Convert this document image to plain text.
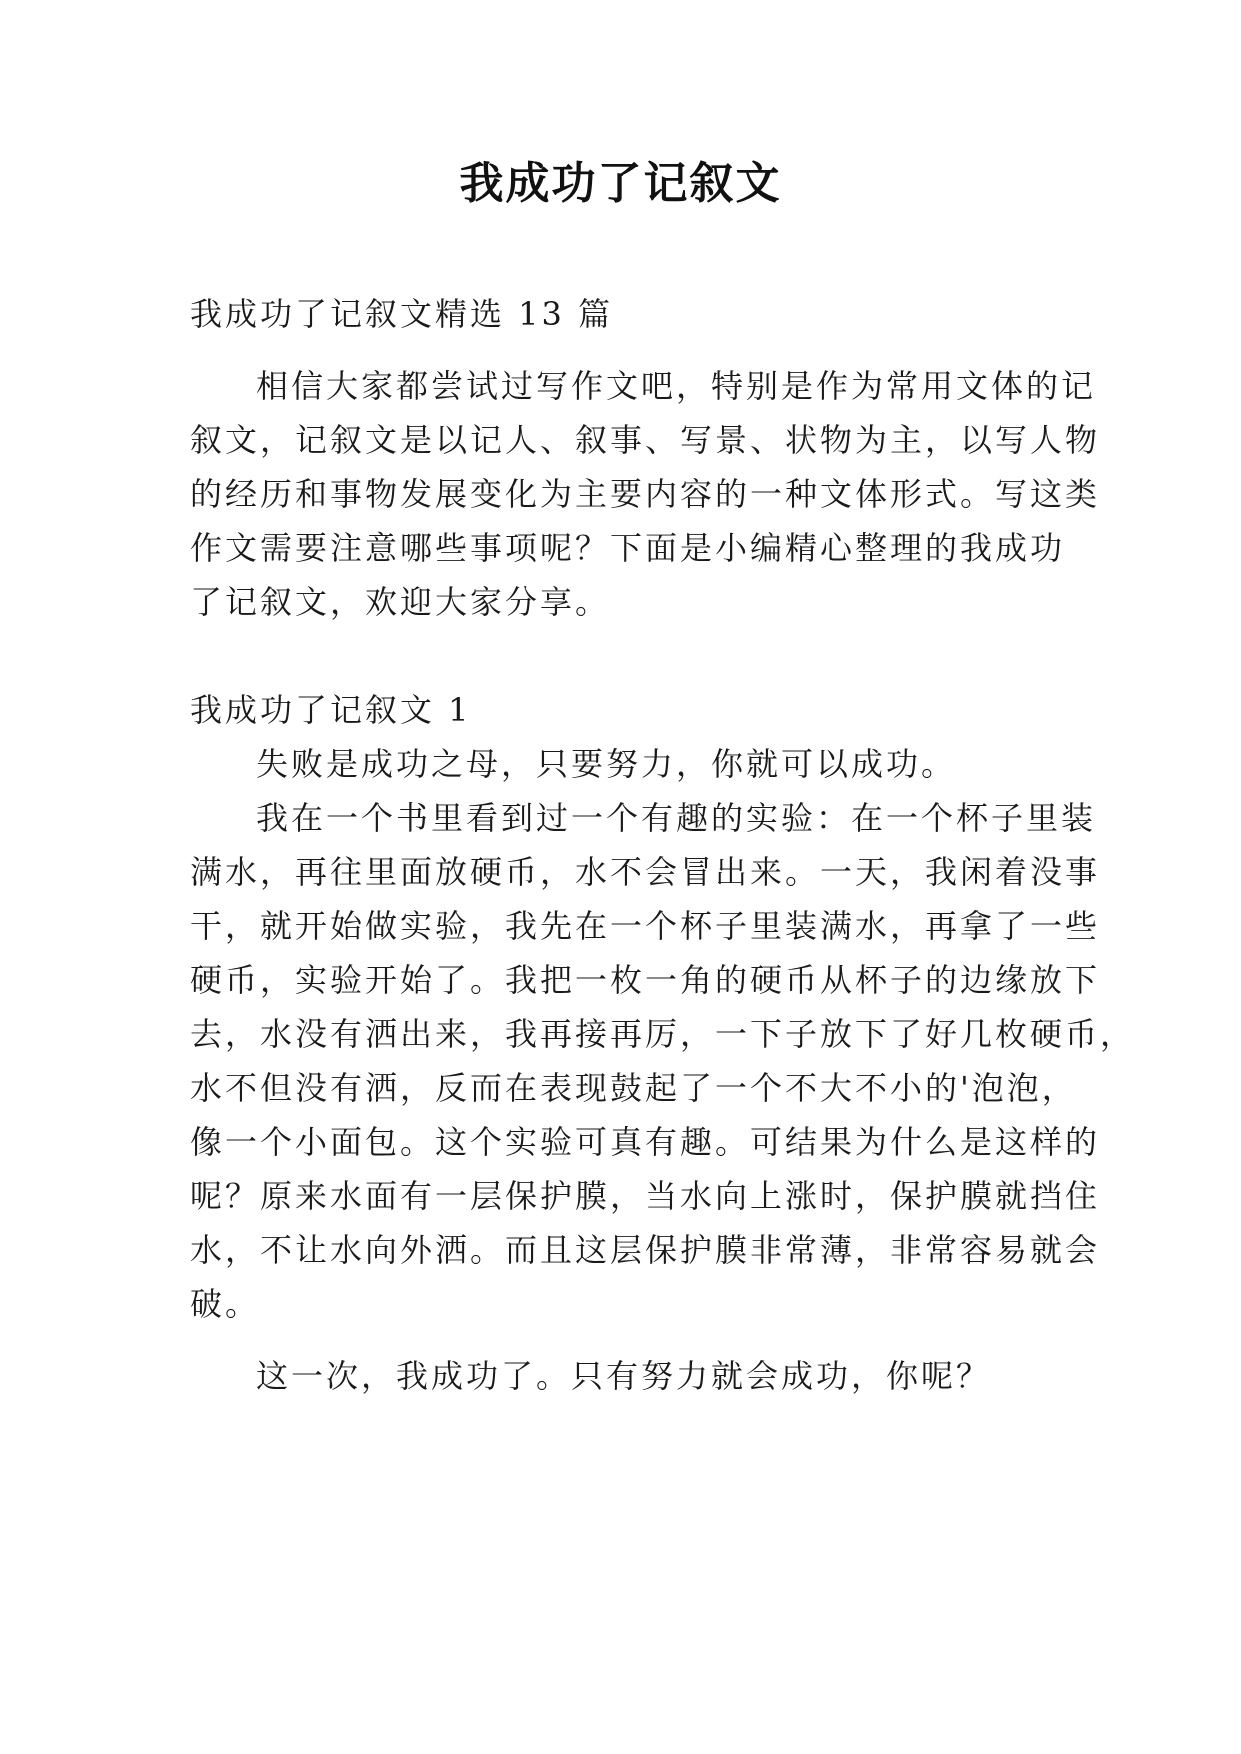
我成功了记叙文
我成功了记叙文精选 13 篇
相信大家都尝试过写作文吧，特别是作为常用文体的记
叙文，记叙文是以记人、叙事、写景、状物为主，以写人物
的经历和事物发展变化为主要内容的一种文体形式。写这类
作文需要注意哪些事项呢？下面是小编精心整理的我成功
了记叙文，欢迎大家分享。
我成功了记叙文 1
失败是成功之母，只要努力，你就可以成功。
我在一个书里看到过一个有趣的实验：在一个杯子里装
满水，再往里面放硬币，水不会冒出来。一天，我闲着没事
干，就开始做实验，我先在一个杯子里装满水，再拿了一些
硬币，实验开始了。我把一枚一角的硬币从杯子的边缘放下
去，水没有洒出来，我再接再厉，一下子放下了好几枚硬币，
水不但没有洒，反而在表现鼓起了一个不大不小的'泡泡，
像一个小面包。这个实验可真有趣。可结果为什么是这样的
呢？原来水面有一层保护膜，当水向上涨时，保护膜就挡住
水，不让水向外洒。而且这层保护膜非常薄，非常容易就会
破。
这一次，我成功了。只有努力就会成功，你呢？
